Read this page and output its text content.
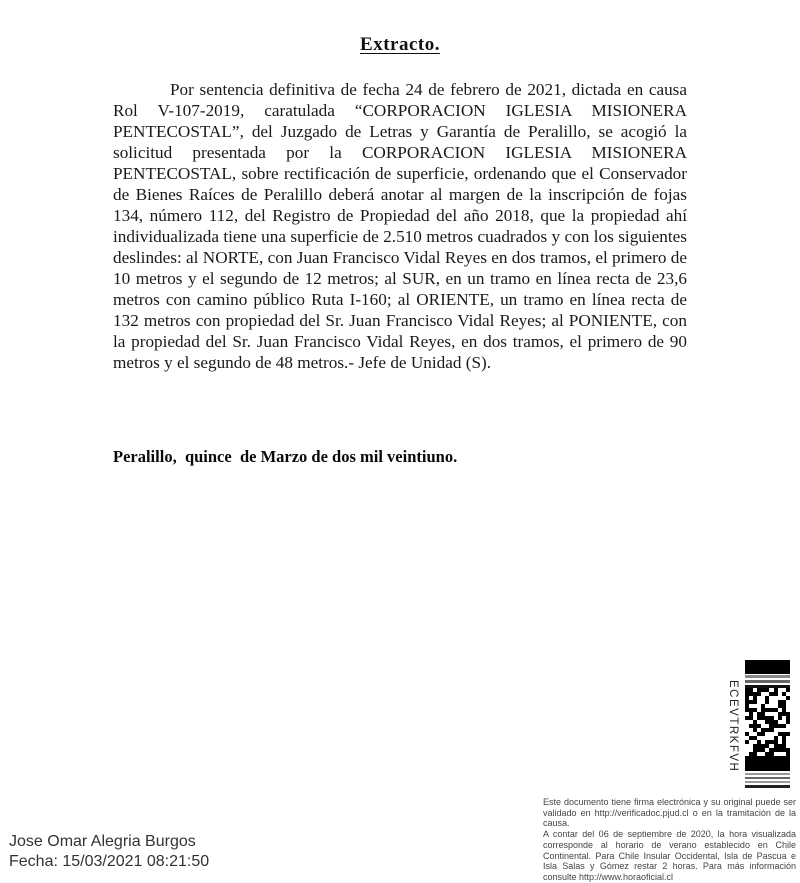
Extracto.
Por sentencia definitiva de fecha 24 de febrero de 2021, dictada en causa Rol V-107-2019, caratulada “CORPORACION IGLESIA MISIONERA PENTECOSTAL”, del Juzgado de Letras y Garantía de Peralillo, se acogió la solicitud presentada por la CORPORACION IGLESIA MISIONERA PENTECOSTAL, sobre rectificación de superficie, ordenando que el Conservador de Bienes Raíces de Peralillo deberá anotar al margen de la inscripción de fojas 134, número 112, del Registro de Propiedad del año 2018, que la propiedad ahí individualizada tiene una superficie de 2.510 metros cuadrados y con los siguientes deslindes: al NORTE, con Juan Francisco Vidal Reyes en dos tramos, el primero de 10 metros y el segundo de 12 metros; al SUR, en un tramo en línea recta de 23,6 metros con camino público Ruta I-160; al ORIENTE, un tramo en línea recta de 132 metros con propiedad del Sr. Juan Francisco Vidal Reyes; al PONIENTE, con la propiedad del Sr. Juan Francisco Vidal Reyes, en dos tramos, el primero de 90 metros y el segundo de 48 metros.- Jefe de Unidad (S).
Peralillo,  quince  de Marzo de dos mil veintiuno.
Jose Omar Alegria Burgos
Fecha: 15/03/2021 08:21:50

Este documento tiene firma electrónica y su original puede ser validado en http://verificadoc.pjud.cl o en la tramitación de la causa.

A contar del 06 de septiembre de 2020, la hora visualizada corresponde al horario de verano establecido en Chile Continental. Para Chile Insular Occidental, Isla de Pascua e Isla Salas y Gómez restar 2 horas. Para más información consulte http://www.horaoficial.cl

ECEVTRKFVH
